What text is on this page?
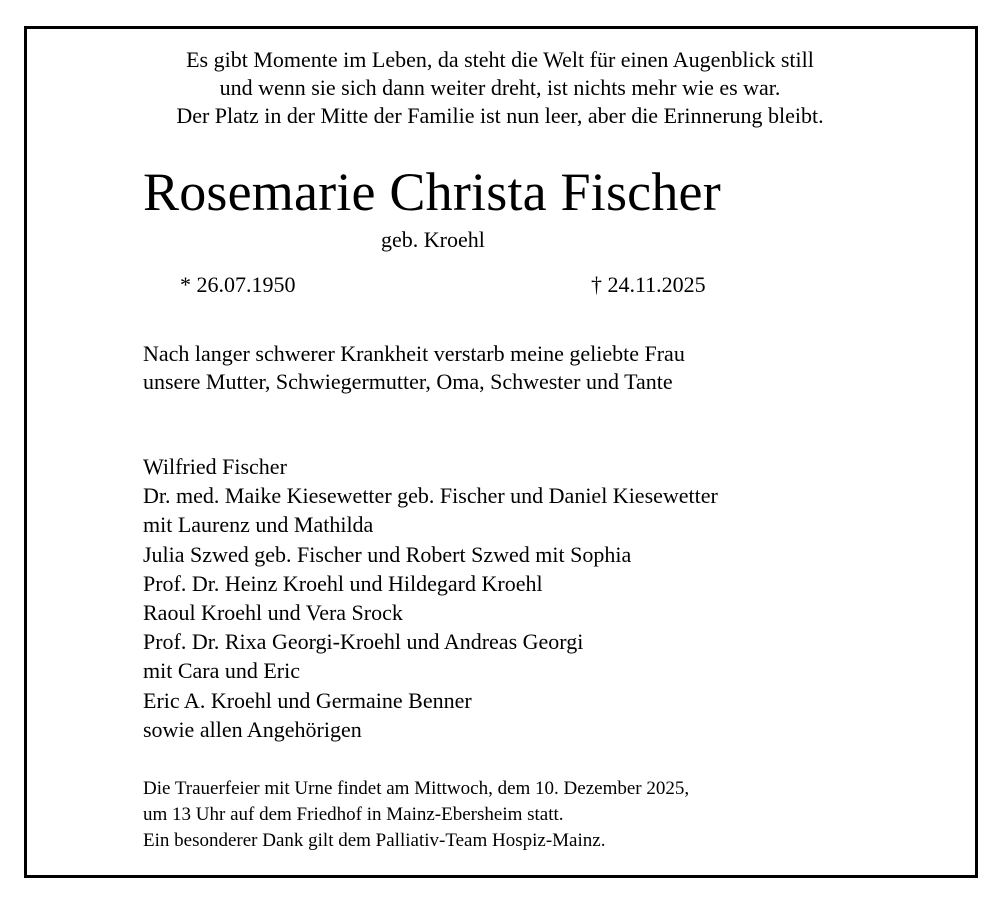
Es gibt Momente im Leben, da steht die Welt für einen Augenblick still
und wenn sie sich dann weiter dreht, ist nichts mehr wie es war.
Der Platz in der Mitte der Familie ist nun leer, aber die Erinnerung bleibt.
Rosemarie Christa Fischer
geb. Kroehl
* 26.07.1950	† 24.11.2025
Nach langer schwerer Krankheit verstarb meine geliebte Frau
unsere Mutter, Schwiegermutter, Oma, Schwester und Tante
Wilfried Fischer
Dr. med. Maike Kiesewetter geb. Fischer und Daniel Kiesewetter
mit Laurenz und Mathilda
Julia Szwed geb. Fischer und Robert Szwed mit Sophia
Prof. Dr. Heinz Kroehl und Hildegard Kroehl
Raoul Kroehl und Vera Srock
Prof. Dr. Rixa Georgi-Kroehl und Andreas Georgi
mit Cara und Eric
Eric A. Kroehl und Germaine Benner
sowie allen Angehörigen
Die Trauerfeier mit Urne findet am Mittwoch, dem 10. Dezember 2025,
um 13 Uhr auf dem Friedhof in Mainz-Ebersheim statt.
Ein besonderer Dank gilt dem Palliativ-Team Hospiz-Mainz.
